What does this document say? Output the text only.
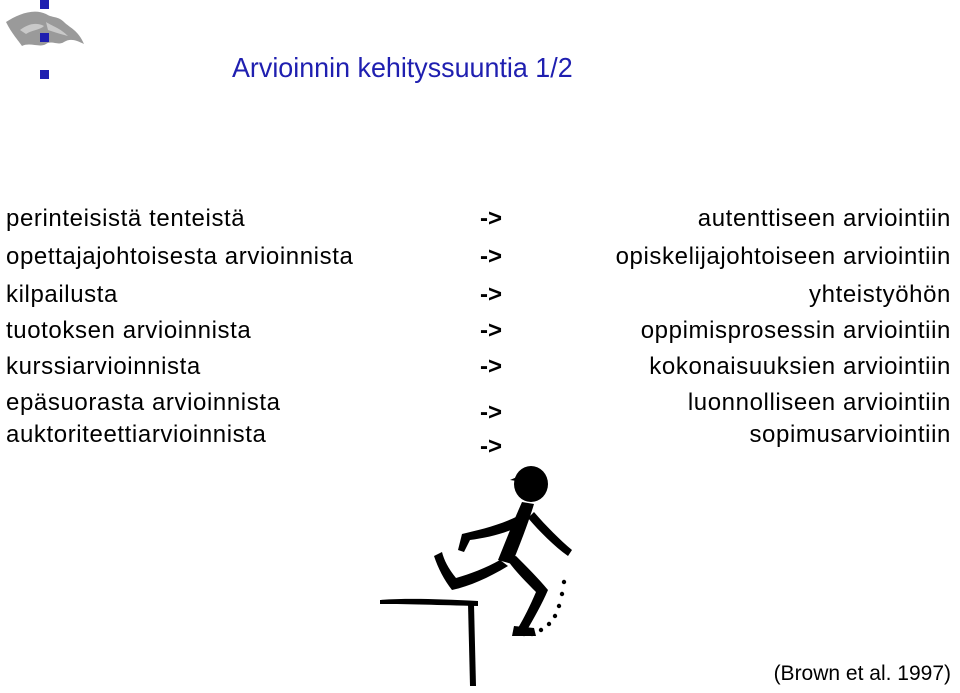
Arvioinnin kehityssuuntia 1/2
perinteisistä tenteistä	->	autenttiseen arviointiin
opettajajohtoisesta arvioinnista	->	opiskelijajohtoiseen arviointiin
kilpailusta	->	yhteistyöhön
tuotoksen arvioinnista	->	oppimisprosessin arviointiin
kurssiarvioinnista	->	kokonaisuuksien arviointiin
epäsuorasta arvioinnista	->	luonnolliseen arviointiin
auktoriteettiarvioinnista	->	sopimusarviointiin
(Brown et al. 1997)
